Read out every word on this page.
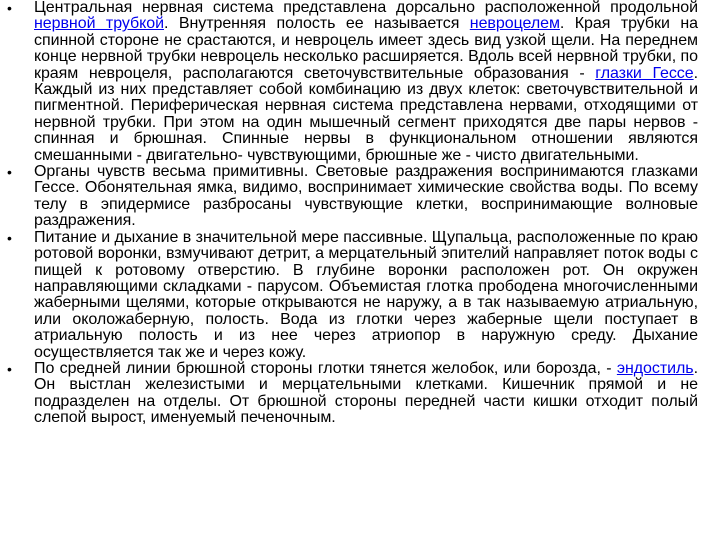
• Центральная нервная система представлена дорсально расположенной продольной нервной трубкой. Внутренняя полость ее называется невроцелем. Края трубки на спинной стороне не срастаются, и невроцель имеет здесь вид узкой щели. На переднем конце нервной трубки невроцель несколько расширяется. Вдоль всей нервной трубки, по краям невроцеля, располагаются светочувствительные образования - глазки Гессе. Каждый из них представляет собой комбинацию из двух клеток: светочувствительной и пигментной. Периферическая нервная система представлена нервами, отходящими от нервной трубки. При этом на один мышечный сегмент приходятся две пары нервов - спинная и брюшная. Спинные нервы в функциональном отношении являются смешанными - двигательно- чувствующими, брюшные же - чисто двигательными.
• Органы чувств весьма примитивны. Световые раздражения воспринимаются глазками Гессе. Обонятельная ямка, видимо, воспринимает химические свойства воды. По всему телу в эпидермисе разбросаны чувствующие клетки, воспринимающие волновые раздражения.
• Питание и дыхание в значительной мере пассивные. Щупальца, расположенные по краю ротовой воронки, взмучивают детрит, а мерцательный эпителий направляет поток воды с пищей к ротовому отверстию. В глубине воронки расположен рот. Он окружен направляющими складками - парусом. Объемистая глотка прободена многочисленными жаберными щелями, которые открываются не наружу, а в так называемую атриальную, или околожаберную, полость. Вода из глотки через жаберные щели поступает в атриальную полость и из нее через атриопор в наружную среду. Дыхание осуществляется так же и через кожу.
• По средней линии брюшной стороны глотки тянется желобок, или борозда, - эндостиль. Он выстлан железистыми и мерцательными клетками. Кишечник прямой и не подразделен на отделы. От брюшной стороны передней части кишки отходит полый слепой вырост, именуемый печеночным.
